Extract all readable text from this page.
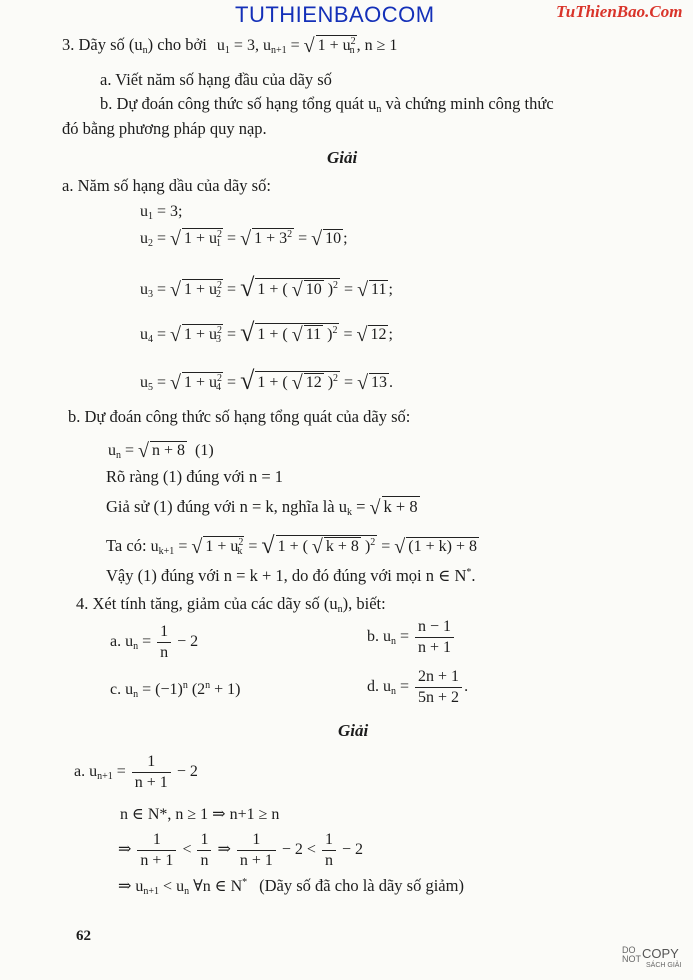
TUTHIENBAOCOM	TuThienBao.Com
3. Dãy số $(u_n)$ cho bởi $u_1 = 3$, $u_{n+1}$ = √ $1 + u^2_n$ , n ≥ 1
a. Viết năm số hạng đầu của dãy số
b. Dự đoán công thức số hạng tổng quát $u_n$ và chứng minh công thức
đó bằng phương pháp quy nạp.
Giải
a. Năm số hạng dầu của dãy số:
$u_1 = 3$;
$u_2$ = √ $1 + u^2_1$ = √ $1 + 3^2$ = √ 10 ;
$u_3$ = √ $1 + u^2_2$ = √ 1 + ( √ 10 )$^2$ = √ 11 ;
$u_4$ = √ $1 + u^2_3$ = √ 1 + ( √ 11 )$^2$ = √ 12 ;
$u_5$ = √ $1 + u^2_4$ = √ 1 + ( √ 12 )$^2$ = √ 13 .
b. Dự đoán công thức số hạng tổng quát của dãy số:
$u_n$ = √ n + 8 (1)
Rõ ràng (1) đúng với n = 1
Giả sử (1) đúng với n = k, nghĩa là $u_k$ = √ k + 8
Ta có: $u_{k+1}$ = √ $1 + u^2_k$ = √ 1 + ( √ k + 8 )$^2$ = √ (1 + k) + 8
Vậy (1) đúng với n = k + 1, do đó đúng với mọi n ∈ N*.
4. Xét tính tăng, giảm của các dãy số $(u_n)$, biết:
a. $u_n = \frac{1}{n} - 2$	b. $u_n = \frac{n - 1}{n + 1}$
c. $u_n = (-1)^n$ $(2^n + 1)$	d. $u_n = \frac{2n + 1}{5n + 2}$ .
Giải
a. $u_{n+1} = \frac{1}{n + 1} - 2$
n ∈ N*, n ≥ 1 ⇒ n+1 ≥ n
⇒ $\frac{1}{n + 1} < \frac{1}{n}$ ⇒ $\frac{1}{n + 1} - 2 < \frac{1}{n} - 2$
⇒ $u_{n+1} < u_n$ ∀n ∈ N* (Dãy số đã cho là dãy số giảm)
62
DO
NOT COPY
SÁCH GIẢI
